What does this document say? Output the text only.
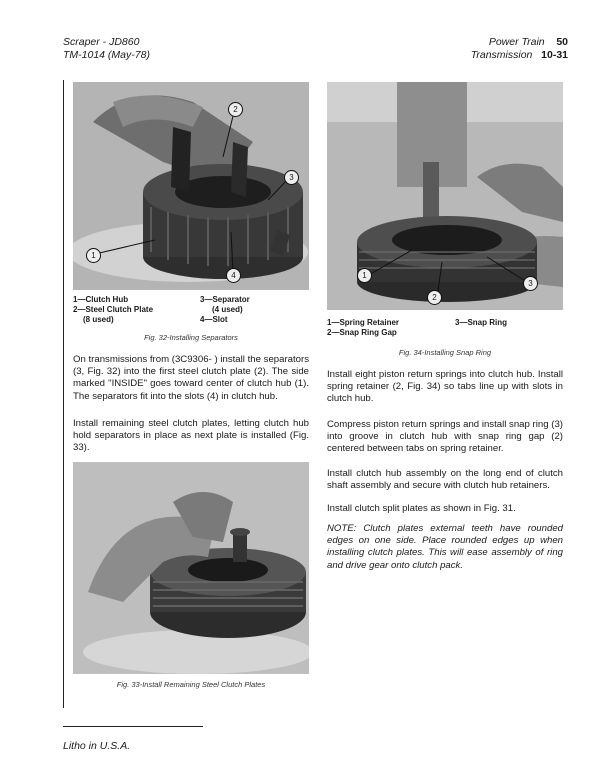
Scraper - JD860
TM-1014 (May-78)
Power Train 50
Transmission 10-31
1
2
3
4
1—Clutch Hub
2—Steel Clutch Plate
(8 used)
3—Separator
(4 used)
4—Slot
Fig. 32-Installing Separators

On transmissions from (3C9306- ) install the separators (3, Fig. 32) into the first steel clutch plate (2). The side marked "INSIDE" goes toward center of clutch hub (1). The separators fit into the slots (4) in clutch hub.

Install remaining steel clutch plates, letting clutch hub hold separators in place as next plate is installed (Fig. 33).

Fig. 33-Install Remaining Steel Clutch Plates
1
2
3
1—Spring Retainer
2—Snap Ring Gap
3—Snap Ring
Fig. 34-Installing Snap Ring

Install eight piston return springs into clutch hub. Install spring retainer (2, Fig. 34) so tabs line up with slots in clutch hub.

Compress piston return springs and install snap ring (3) into groove in clutch hub with snap ring gap (2) centered between tabs on spring retainer.

Install clutch hub assembly on the long end of clutch shaft assembly and secure with clutch hub retainers.

Install clutch split plates as shown in Fig. 31.

NOTE: Clutch plates external teeth have rounded edges on one side. Place rounded edges up when installing clutch plates. This will ease assembly of ring and drive gear onto clutch pack.

Litho in U.S.A.
